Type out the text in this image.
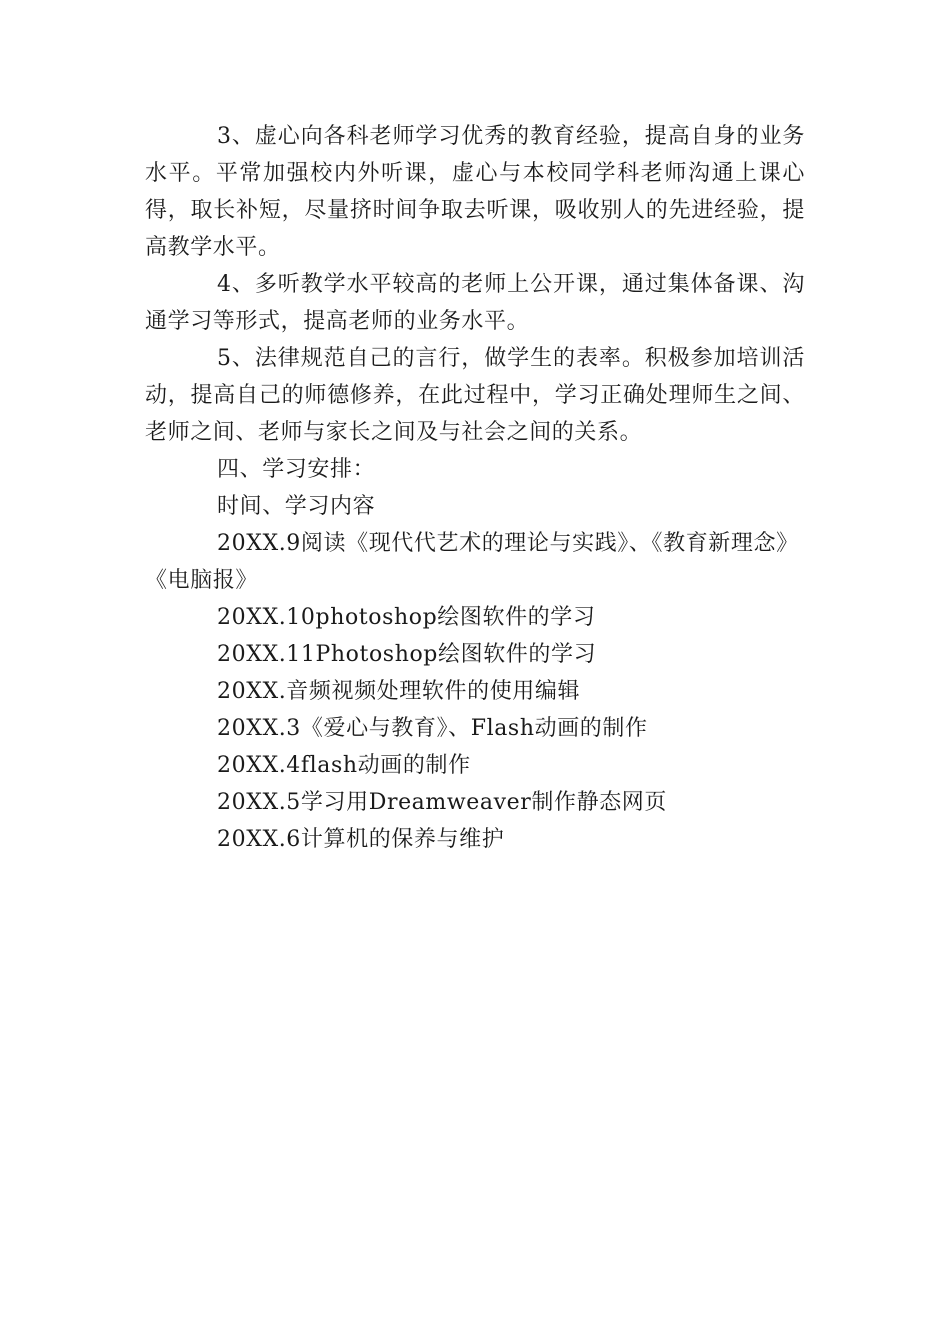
3、虚心向各科老师学习优秀的教育经验，提高自身的业务水平。平常加强校内外听课，虚心与本校同学科老师沟通上课心得，取长补短，尽量挤时间争取去听课，吸收别人的先进经验，提高教学水平。

4、多听教学水平较高的老师上公开课，通过集体备课、沟通学习等形式，提高老师的业务水平。

5、法律规范自己的言行，做学生的表率。积极参加培训活动，提高自己的师德修养，在此过程中，学习正确处理师生之间、老师之间、老师与家长之间及与社会之间的关系。

四、学习安排：

时间、学习内容

20XX.9阅读《现代代艺术的理论与实践》、《教育新理念》《电脑报》

20XX.10photoshop绘图软件的学习

20XX.11Photoshop绘图软件的学习

20XX.音频视频处理软件的使用编辑

20XX.3《爱心与教育》、Flash动画的制作

20XX.4flash动画的制作

20XX.5学习用Dreamweaver制作静态网页

20XX.6计算机的保养与维护
